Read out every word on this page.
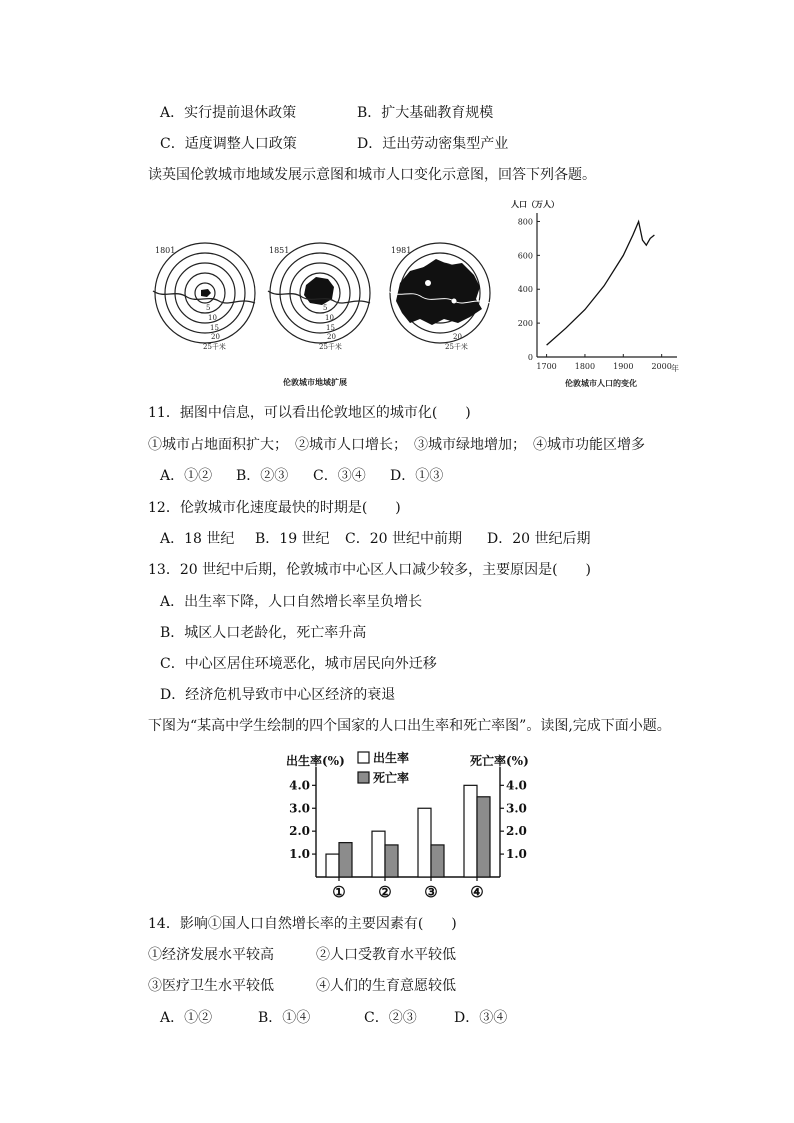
A．实行提前退休政策	B．扩大基础教育规模
C．适度调整人口政策	D．迁出劳动密集型产业
读英国伦敦城市地域发展示意图和城市人口变化示意图，回答下列各题。
1801
5
10
15
20
25千米
1851
5
10
15
20
25千米
1981
20
25千米
伦敦城市地域扩展
人口（万人）
0
200
400
600
800
1700 1800 1900 2000 年
伦敦城市人口的变化
11．据图中信息，可以看出伦敦地区的城市化(　　)
①城市占地面积扩大；　②城市人口增长；　③城市绿地增加；　④城市功能区增多
A．①② B．②③ C．③④ D．①③
12．伦敦城市化速度最快的时期是(　　)
A．18 世纪 B．19 世纪 C．20 世纪中前期 D．20 世纪后期
13．20 世纪中后期，伦敦城市中心区人口减少较多，主要原因是(　　)
A．出生率下降，人口自然增长率呈负增长
B．城区人口老龄化，死亡率升高
C．中心区居住环境恶化，城市居民向外迁移
D．经济危机导致市中心区经济的衰退
下图为“某高中学生绘制的四个国家的人口出生率和死亡率图”。读图,完成下面小题。
出生率(%)	死亡率(%)
出生率
死亡率
1.0	1.0
2.0	2.0
3.0	3.0
4.0	4.0
① ② ③ ④
14．影响①国人口自然增长率的主要因素有(　　)
①经济发展水平较高　　　②人口受教育水平较低
③医疗卫生水平较低　　　④人们的生育意愿较低
A．①②	B．①④	C．②③	D．③④
